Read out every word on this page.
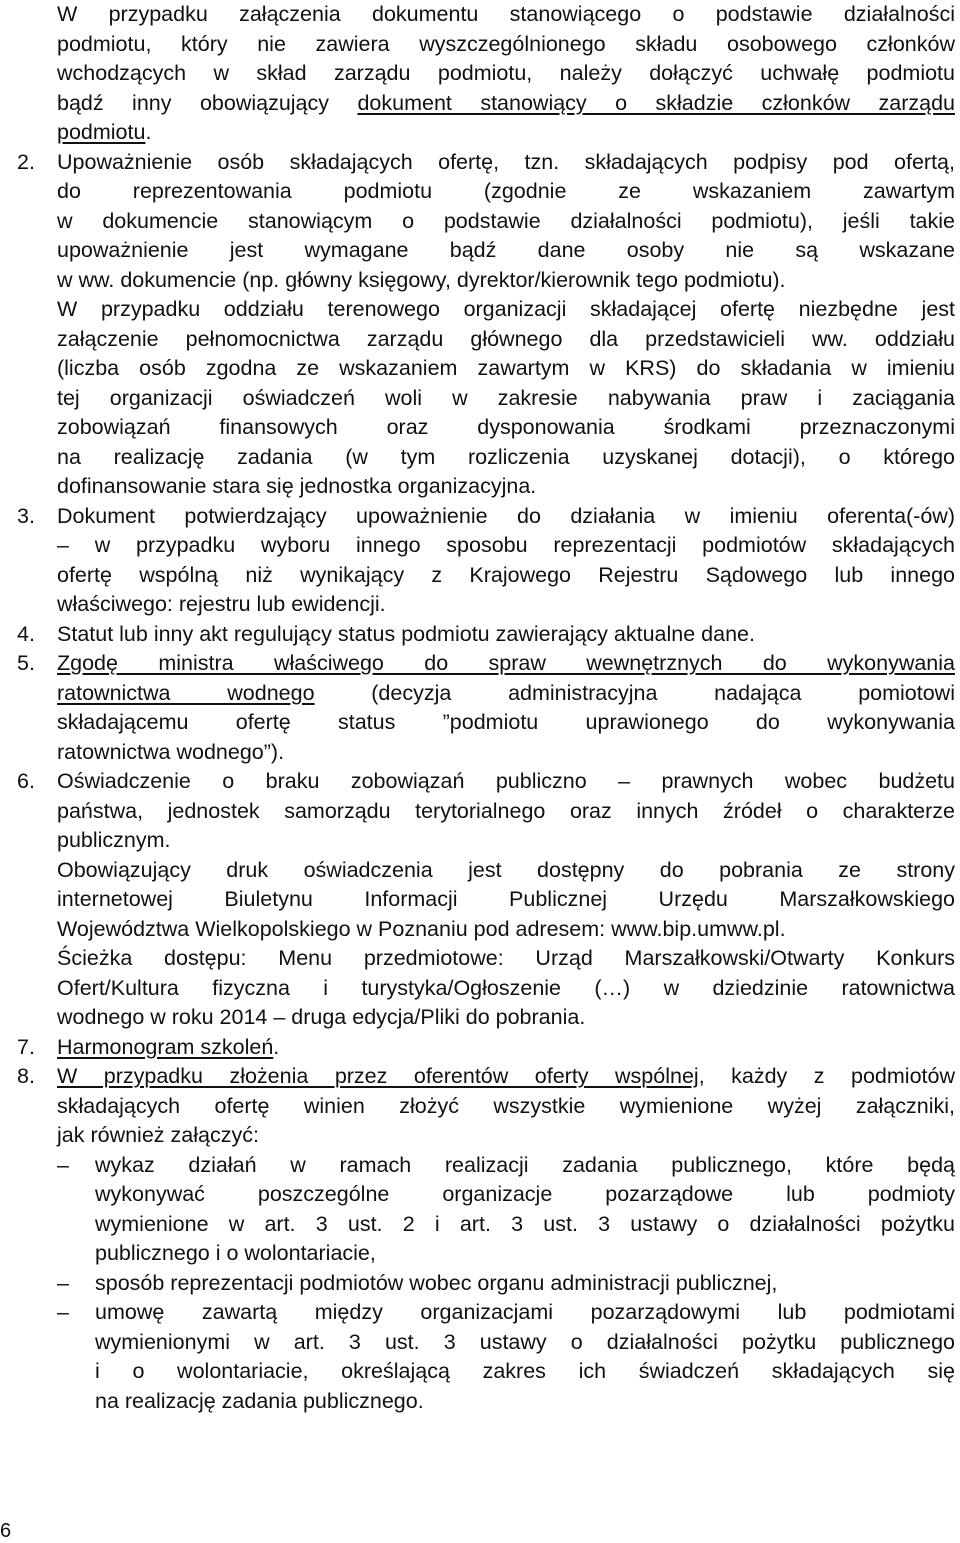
W przypadku załączenia dokumentu stanowiącego o podstawie działalności
podmiotu, który nie zawiera wyszczególnionego składu osobowego członków
wchodzących w skład zarządu podmiotu, należy dołączyć uchwałę podmiotu
bądź inny obowiązujący dokument stanowiący o składzie członków zarządu
podmiotu.
2. Upoważnienie osób składających ofertę, tzn. składających podpisy pod ofertą,
do reprezentowania podmiotu (zgodnie ze wskazaniem zawartym
w dokumencie stanowiącym o podstawie działalności podmiotu), jeśli takie
upoważnienie jest wymagane bądź dane osoby nie są wskazane
w ww. dokumencie (np. główny księgowy, dyrektor/kierownik tego podmiotu).
W przypadku oddziału terenowego organizacji składającej ofertę niezbędne jest
załączenie pełnomocnictwa zarządu głównego dla przedstawicieli ww. oddziału
(liczba osób zgodna ze wskazaniem zawartym w KRS) do składania w imieniu
tej organizacji oświadczeń woli w zakresie nabywania praw i zaciągania
zobowiązań finansowych oraz dysponowania środkami przeznaczonymi
na realizację zadania (w tym rozliczenia uzyskanej dotacji), o którego
dofinansowanie stara się jednostka organizacyjna.
3. Dokument potwierdzający upoważnienie do działania w imieniu oferenta(-ów)
– w przypadku wyboru innego sposobu reprezentacji podmiotów składających
ofertę wspólną niż wynikający z Krajowego Rejestru Sądowego lub innego
właściwego: rejestru lub ewidencji.
4. Statut lub inny akt regulujący status podmiotu zawierający aktualne dane.
5. Zgodę ministra właściwego do spraw wewnętrznych do wykonywania
ratownictwa wodnego (decyzja administracyjna nadająca pomiotowi
składającemu ofertę status ”podmiotu uprawionego do wykonywania
ratownictwa wodnego”).
6. Oświadczenie o braku zobowiązań publiczno – prawnych wobec budżetu
państwa, jednostek samorządu terytorialnego oraz innych źródeł o charakterze
publicznym.
Obowiązujący druk oświadczenia jest dostępny do pobrania ze strony
internetowej Biuletynu Informacji Publicznej Urzędu Marszałkowskiego
Województwa Wielkopolskiego w Poznaniu pod adresem: www.bip.umww.pl.
Ścieżka dostępu: Menu przedmiotowe: Urząd Marszałkowski/Otwarty Konkurs
Ofert/Kultura fizyczna i turystyka/Ogłoszenie (…) w dziedzinie ratownictwa
wodnego w roku 2014 – druga edycja/Pliki do pobrania.
7. Harmonogram szkoleń.
8. W przypadku złożenia przez oferentów oferty wspólnej, każdy z podmiotów
składających ofertę winien złożyć wszystkie wymienione wyżej załączniki,
jak również załączyć:
– wykaz działań w ramach realizacji zadania publicznego, które będą
wykonywać poszczególne organizacje pozarządowe lub podmioty
wymienione w art. 3 ust. 2 i art. 3 ust. 3 ustawy o działalności pożytku
publicznego i o wolontariacie,
– sposób reprezentacji podmiotów wobec organu administracji publicznej,
– umowę zawartą między organizacjami pozarządowymi lub podmiotami
wymienionymi w art. 3 ust. 3 ustawy o działalności pożytku publicznego
i o wolontariacie, określającą zakres ich świadczeń składających się
na realizację zadania publicznego.
6
